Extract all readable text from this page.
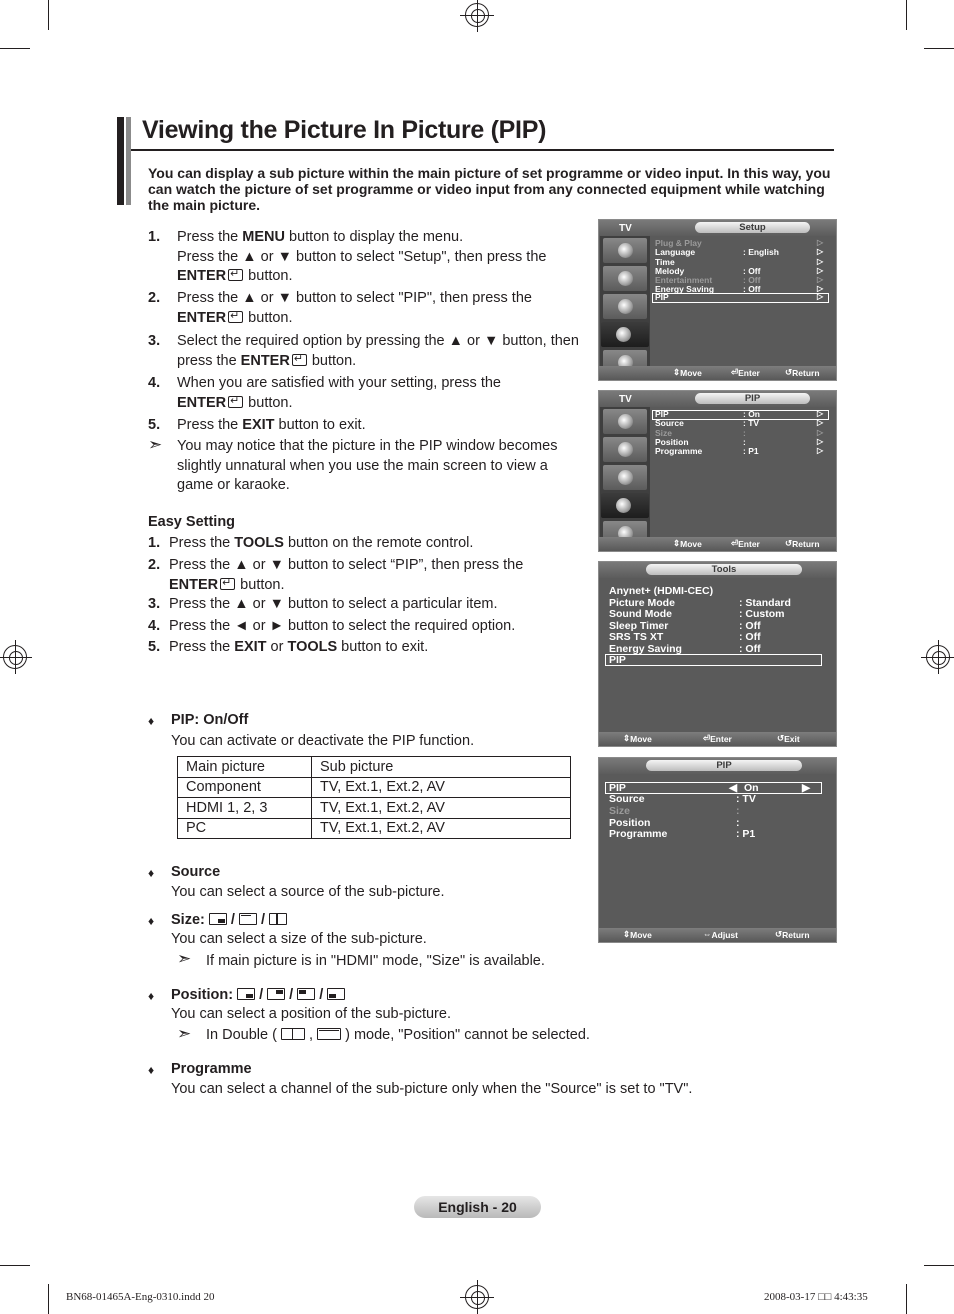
Viewing the Picture In Picture (PIP)
You can display a sub picture within the main picture of set programme or video input. In this way, you can watch the picture of set programme or video input from any connected equipment while watching the main picture.
1. Press the MENU button to display the menu.
Press the ▲ or ▼ button to select "Setup", then press the
ENTER↵ button.
2. Press the ▲ or ▼ button to select "PIP", then press the
ENTER↵ button.
3. Select the required option by pressing the ▲ or ▼ button, then press the ENTER↵ button.
4. When you are satisfied with your setting, press the
ENTER↵ button.
5. Press the EXIT button to exit.
➣ You may notice that the picture in the PIP window becomes slightly unnatural when you use the main screen to view a game or karaoke.
Easy Setting
1. Press the TOOLS button on the remote control.
2. Press the ▲ or ▼ button to select “PIP”, then press the
ENTER↵ button.
3. Press the ▲ or ▼ button to select a particular item.
4. Press the ◄ or ► button to select the required option.
5. Press the EXIT or TOOLS button to exit.
♦ PIP: On/Off
You can activate or deactivate the PIP function.
Main picture	Sub picture
Component	TV, Ext.1, Ext.2, AV
HDMI 1, 2, 3	TV, Ext.1, Ext.2, AV
PC	TV, Ext.1, Ext.2, AV
♦ Source
You can select a source of the sub-picture.
♦ Size:
/
/
You can select a size of the sub-picture.
➣ If main picture is in "HDMI" mode, "Size" is available.
♦ Position:
/
/
/
You can select a position of the sub-picture.
➣ In Double ( , ) mode, "Position" cannot be selected.
♦ Programme
You can select a channel of the sub-picture only when the "Source" is set to "TV".
TV	Setup
Plug & Play	▷
Language	: English	▷
Time	▷
Melody	: Off	▷
Entertainment	: Off	▷
Energy Saving	: Off	▷
PIP	▷
⇕ Move	⏎ Enter	↺ Return
TV	PIP
PIP	: On	▷
Source	: TV	▷
Size	:	▷
Position	:	▷
Programme	: P1	▷
⇕ Move	⏎ Enter	↺ Return
Tools
Anynet+ (HDMI-CEC)
Picture Mode	: Standard
Sound Mode	: Custom
Sleep Timer	: Off
SRS TS XT	: Off
Energy Saving	: Off
PIP
⇕ Move	⏎ Enter	↺ Exit
PIP
PIP	◀ On	▶
Source	: TV
Size	:
Position	:
Programme	: P1
⇕ Move	⇔ Adjust	↺ Return
English - 20
BN68-01465A-Eng-0310.indd 20	2008-03-17 □□ 4:43:35
